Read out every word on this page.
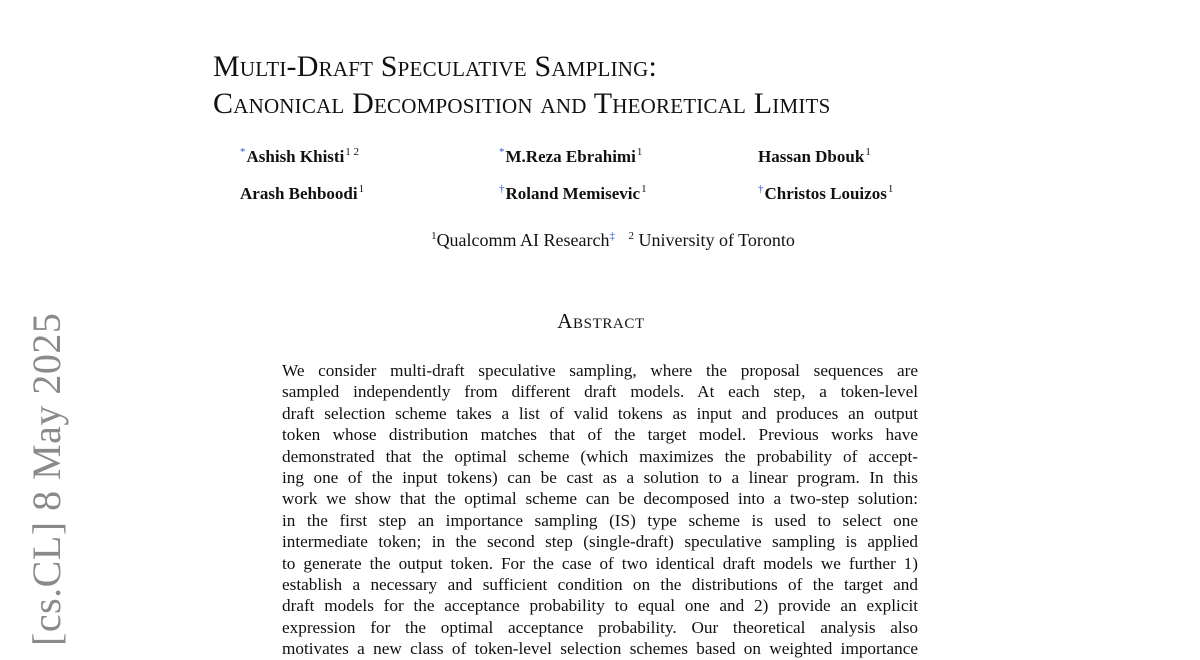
[cs.CL] 8 May 2025
Multi-Draft Speculative Sampling:
Canonical Decomposition and Theoretical Limits
*Ashish Khisti$^{1 2}$	*M.Reza Ebrahimi$^1$	Hassan Dbouk$^1$
Arash Behboodi$^1$	†Roland Memisevic$^1$	†Christos Louizos$^1$
$^1$Qualcomm AI Research‡ $^2$ University of Toronto
Abstract
We consider multi-draft speculative sampling, where the proposal sequences are
sampled independently from different draft models. At each step, a token-level
draft selection scheme takes a list of valid tokens as input and produces an output
token whose distribution matches that of the target model. Previous works have
demonstrated that the optimal scheme (which maximizes the probability of accept-
ing one of the input tokens) can be cast as a solution to a linear program. In this
work we show that the optimal scheme can be decomposed into a two-step solution:
in the first step an importance sampling (IS) type scheme is used to select one
intermediate token; in the second step (single-draft) speculative sampling is applied
to generate the output token. For the case of two identical draft models we further 1)
establish a necessary and sufficient condition on the distributions of the target and
draft models for the acceptance probability to equal one and 2) provide an explicit
expression for the optimal acceptance probability. Our theoretical analysis also
motivates a new class of token-level selection schemes based on weighted importance
